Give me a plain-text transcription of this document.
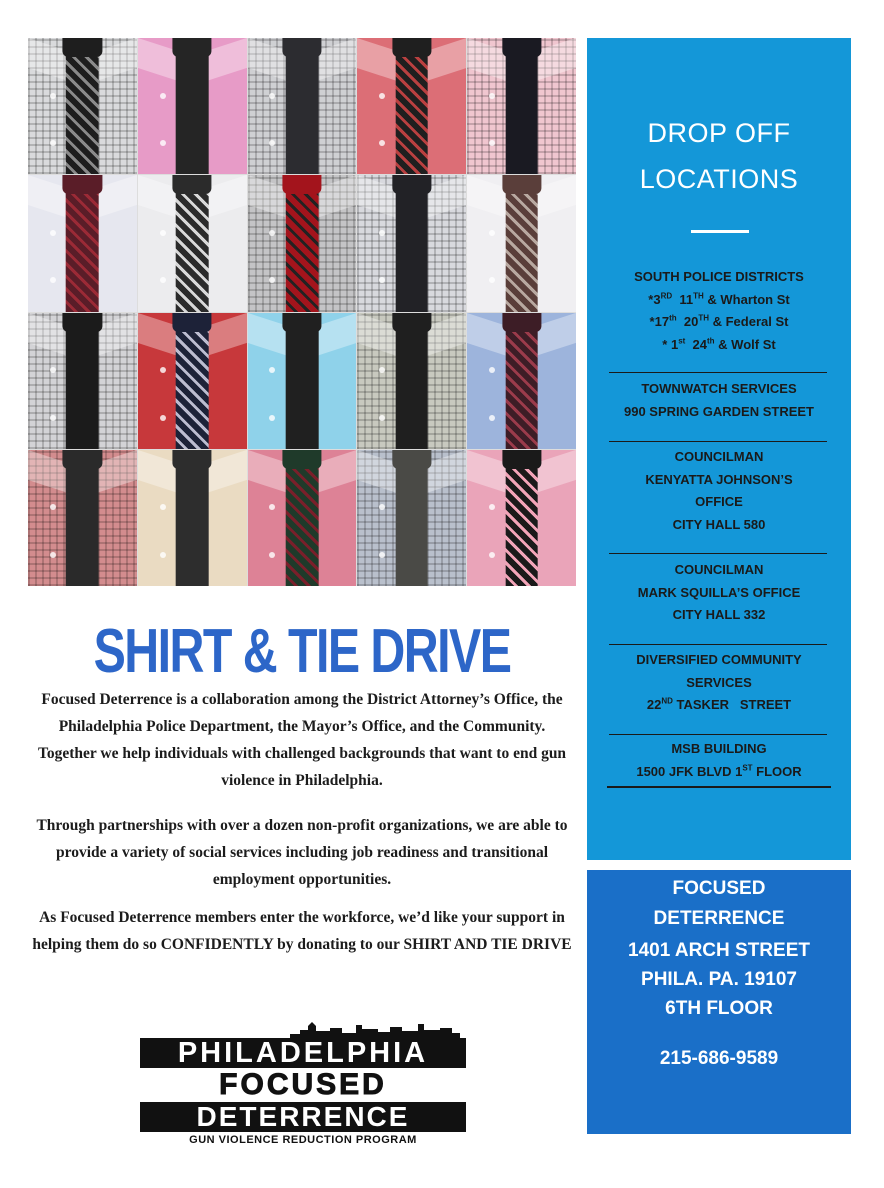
SHIRT & TIE DRIVE
Focused Deterrence is a collaboration among the District Attorney’s Office, the Philadelphia Police Department, the Mayor’s Office, and the Community. Together we help individuals with challenged backgrounds that want to end gun violence in Philadelphia.
Through partnerships with over a dozen non-profit organizations, we are able to provide a variety of social services including job readiness and transitional employment opportunities.
As Focused Deterrence members enter the workforce, we’d like your support in helping them do so CONFIDENTLY by donating to our SHIRT AND TIE DRIVE
PHILADELPHIA
FOCUSED
DETERRENCE
GUN VIOLENCE REDUCTION PROGRAM
DROP OFF
LOCATIONS
SOUTH POLICE DISTRICTS
*3RD  11TH & Wharton St
*17th  20TH & Federal St
* 1st  24th & Wolf St
TOWNWATCH SERVICES
990 SPRING GARDEN STREET
COUNCILMAN
KENYATTA JOHNSON’S
OFFICE
CITY HALL 580
COUNCILMAN
MARK SQUILLA’S OFFICE
CITY HALL 332
DIVERSIFIED COMMUNITY
SERVICES
22ND TASKER   STREET
MSB BUILDING
1500 JFK BLVD 1ST FLOOR
FOCUSED
DETERRENCE
1401 ARCH STREET
PHILA. PA. 19107
6TH FLOOR
215-686-9589
